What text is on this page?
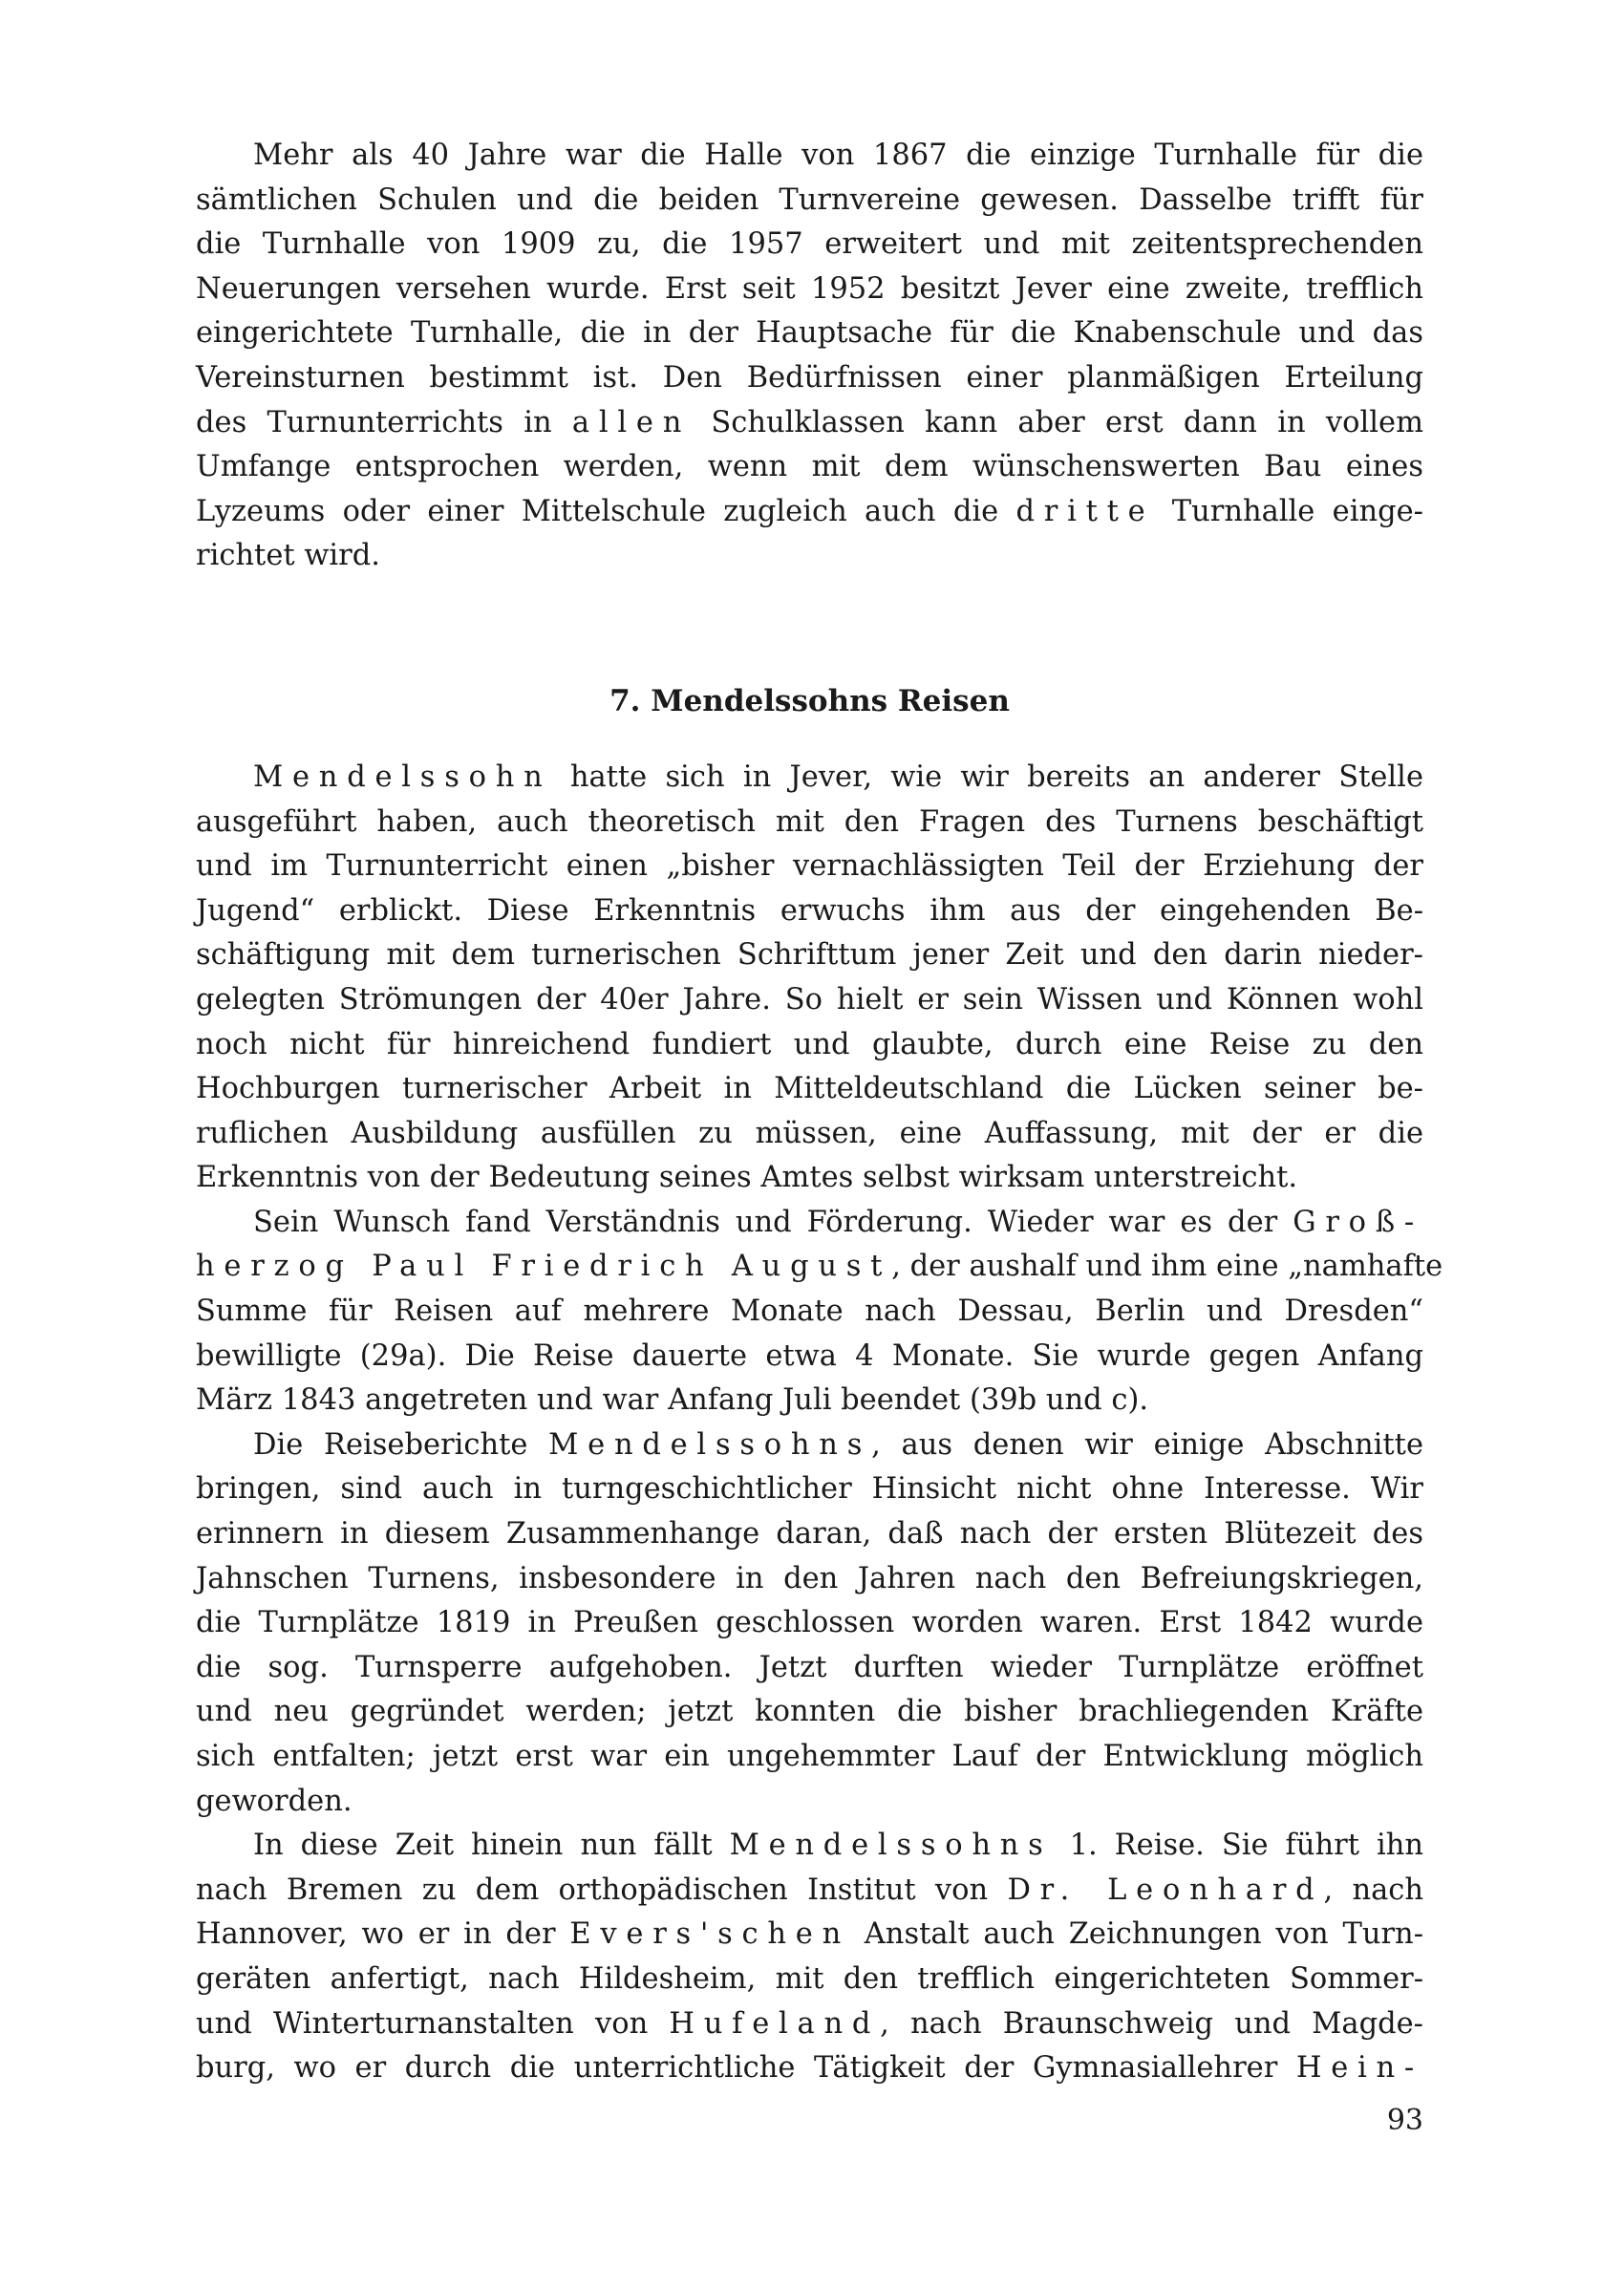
Mehr als 40 Jahre war die Halle von 1867 die einzige Turnhalle für die
sämtlichen Schulen und die beiden Turnvereine gewesen. Dasselbe trifft für
die Turnhalle von 1909 zu, die 1957 erweitert und mit zeitentsprechenden
Neuerungen versehen wurde. Erst seit 1952 besitzt Jever eine zweite, trefflich
eingerichtete Turnhalle, die in der Hauptsache für die Knabenschule und das
Vereinsturnen bestimmt ist. Den Bedürfnissen einer planmäßigen Erteilung
des Turnunterrichts in allen Schulklassen kann aber erst dann in vollem
Umfange entsprochen werden, wenn mit dem wünschenswerten Bau eines
Lyzeums oder einer Mittelschule zugleich auch die dritte Turnhalle einge-
richtet wird.
7. Mendelssohns Reisen
Mendelssohn hatte sich in Jever, wie wir bereits an anderer Stelle
ausgeführt haben, auch theoretisch mit den Fragen des Turnens beschäftigt
und im Turnunterricht einen „bisher vernachlässigten Teil der Erziehung der
Jugend“ erblickt. Diese Erkenntnis erwuchs ihm aus der eingehenden Be-
schäftigung mit dem turnerischen Schrifttum jener Zeit und den darin nieder-
gelegten Strömungen der 40er Jahre. So hielt er sein Wissen und Können wohl
noch nicht für hinreichend fundiert und glaubte, durch eine Reise zu den
Hochburgen turnerischer Arbeit in Mitteldeutschland die Lücken seiner be-
ruflichen Ausbildung ausfüllen zu müssen, eine Auffassung, mit der er die
Erkenntnis von der Bedeutung seines Amtes selbst wirksam unterstreicht.
Sein Wunsch fand Verständnis und Förderung. Wieder war es der Groß-
herzog Paul Friedrich August, der aushalf und ihm eine „namhafte
Summe für Reisen auf mehrere Monate nach Dessau, Berlin und Dresden“
bewilligte (29a). Die Reise dauerte etwa 4 Monate. Sie wurde gegen Anfang
März 1843 angetreten und war Anfang Juli beendet (39b und c).
Die Reiseberichte Mendelssohns, aus denen wir einige Abschnitte
bringen, sind auch in turngeschichtlicher Hinsicht nicht ohne Interesse. Wir
erinnern in diesem Zusammenhange daran, daß nach der ersten Blütezeit des
Jahnschen Turnens, insbesondere in den Jahren nach den Befreiungskriegen,
die Turnplätze 1819 in Preußen geschlossen worden waren. Erst 1842 wurde
die sog. Turnsperre aufgehoben. Jetzt durften wieder Turnplätze eröffnet
und neu gegründet werden; jetzt konnten die bisher brachliegenden Kräfte
sich entfalten; jetzt erst war ein ungehemmter Lauf der Entwicklung möglich
geworden.
In diese Zeit hinein nun fällt Mendelssohns 1. Reise. Sie führt ihn
nach Bremen zu dem orthopädischen Institut von Dr. Leonhard, nach
Hannover, wo er in der Evers'schen Anstalt auch Zeichnungen von Turn-
geräten anfertigt, nach Hildesheim, mit den trefflich eingerichteten Sommer-
und Winterturnanstalten von Hufeland, nach Braunschweig und Magde-
burg, wo er durch die unterrichtliche Tätigkeit der Gymnasiallehrer Hein-
93
